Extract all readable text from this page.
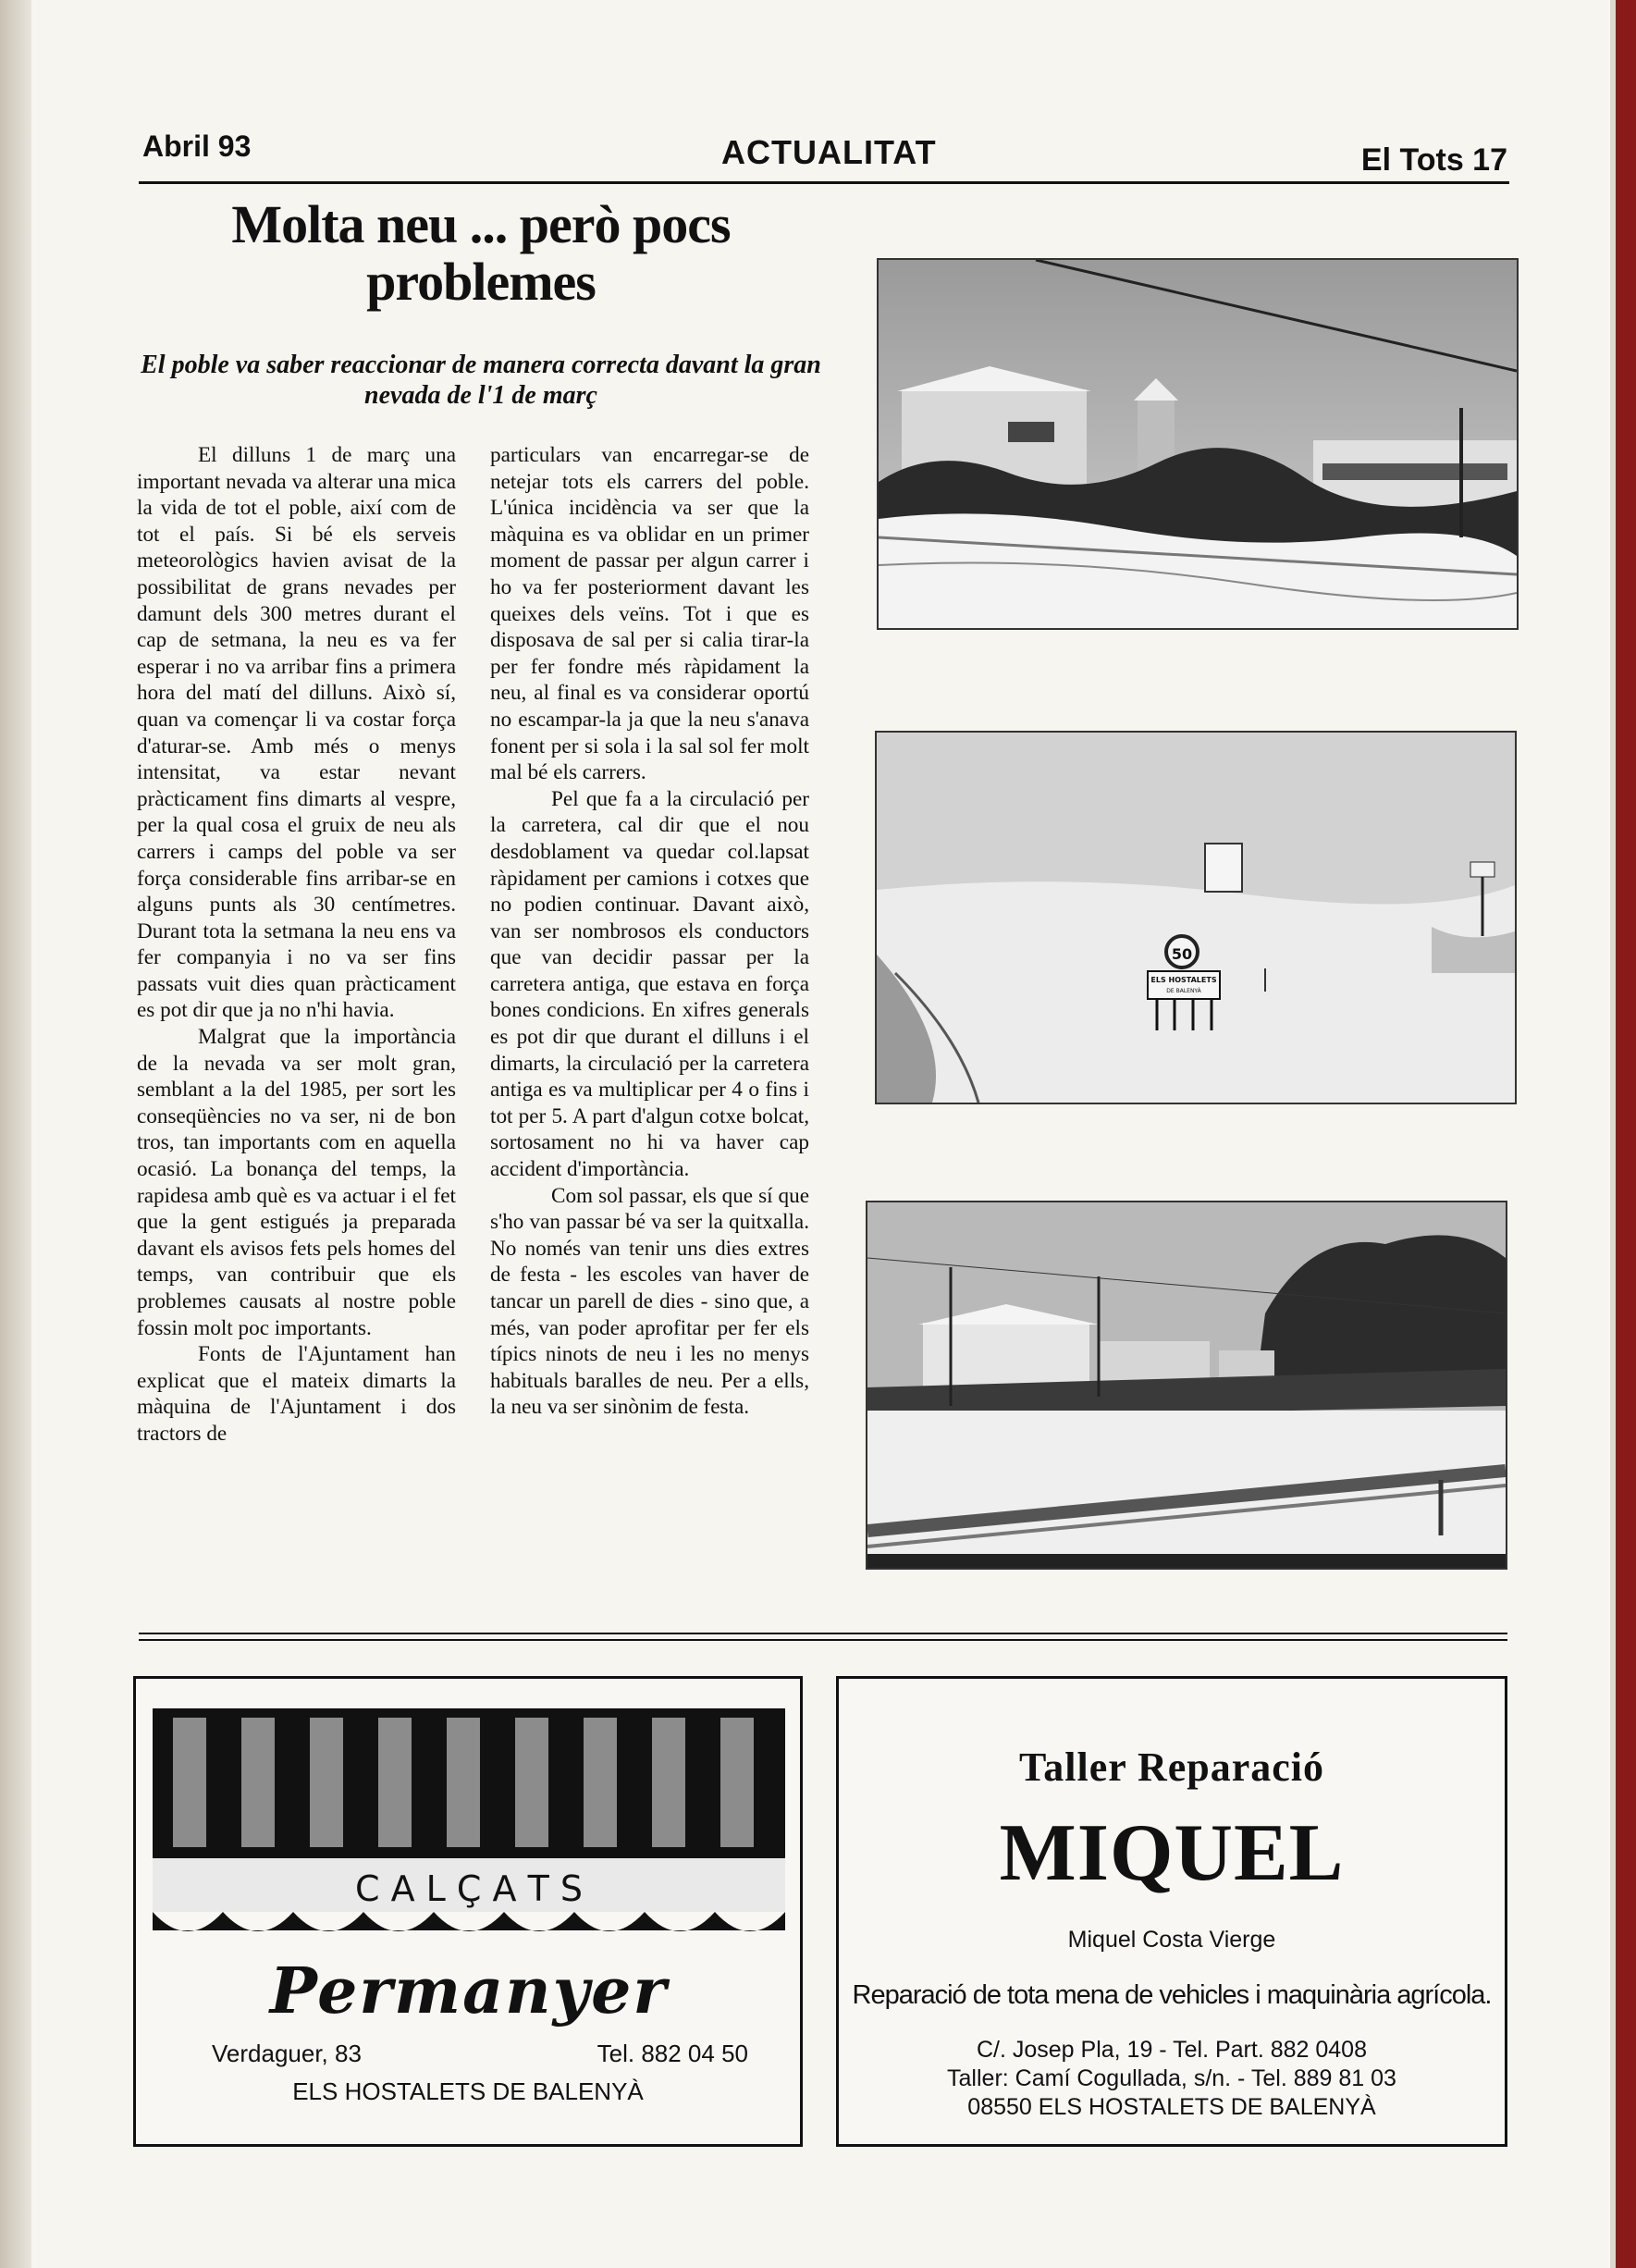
Abril 93	ACTUALITAT	El Tots 17
Molta neu ... però pocs problemes
El poble va saber reaccionar de manera correcta davant la gran nevada de l'1 de març

El dilluns 1 de març una important nevada va alterar una mica la vida de tot el poble, així com de tot el país. Si bé els serveis meteorològics havien avisat de la possibilitat de grans nevades per damunt dels 300 metres durant el cap de setmana, la neu es va fer esperar i no va arribar fins a primera hora del matí del dilluns. Això sí, quan va començar li va costar força d'aturar-se. Amb més o menys intensitat, va estar nevant pràcticament fins dimarts al vespre, per la qual cosa el gruix de neu als carrers i camps del poble va ser força considerable fins arribar-se en alguns punts als 30 centímetres. Durant tota la setmana la neu ens va fer companyia i no va ser fins passats vuit dies quan pràcticament es pot dir que ja no n'hi havia.

Malgrat que la importància de la nevada va ser molt gran, semblant a la del 1985, per sort les conseqüències no va ser, ni de bon tros, tan importants com en aquella ocasió. La bonança del temps, la rapidesa amb què es va actuar i el fet que la gent estigués ja preparada davant els avisos fets pels homes del temps, van contribuir que els problemes causats al nostre poble fossin molt poc importants.

Fonts de l'Ajuntament han explicat que el mateix dimarts la màquina de l'Ajuntament i dos tractors de

particulars van encarregar-se de netejar tots els carrers del poble. L'única incidència va ser que la màquina es va oblidar en un primer moment de passar per algun carrer i ho va fer posteriorment davant les queixes dels veïns. Tot i que es disposava de sal per si calia tirar-la per fer fondre més ràpidament la neu, al final es va considerar oportú no escampar-la ja que la neu s'anava fonent per si sola i la sal sol fer molt mal bé els carrers.

Pel que fa a la circulació per la carretera, cal dir que el nou desdoblament va quedar col.lapsat ràpidament per camions i cotxes que no podien continuar. Davant això, van ser nombrosos els conductors que van decidir passar per la carretera antiga, que estava en força bones condicions. En xifres generals es pot dir que durant el dilluns i el dimarts, la circulació per la carretera antiga es va multiplicar per 4 o fins i tot per 5. A part d'algun cotxe bolcat, sortosament no hi va haver cap accident d'importància.

Com sol passar, els que sí que s'ho van passar bé va ser la quitxalla. No només van tenir uns dies extres de festa - les escoles van haver de tancar un parell de dies - sino que, a més, van poder aprofitar per fer els típics ninots de neu i les no menys habituals baralles de neu. Per a ells, la neu va ser sinònim de festa.

50
ELS HOSTALETS
DE BALENYÀ
C A L Ç A T S
Permanyer
Verdaguer, 83	Tel. 882 04 50
ELS HOSTALETS DE BALENYÀ
Taller Reparació
MIQUEL
Miquel Costa Vierge
Reparació de tota mena de vehicles i maquinària agrícola.
C/. Josep Pla, 19 - Tel. Part. 882 0408
Taller: Camí Cogullada, s/n. - Tel. 889 81 03
08550 ELS HOSTALETS DE BALENYÀ
